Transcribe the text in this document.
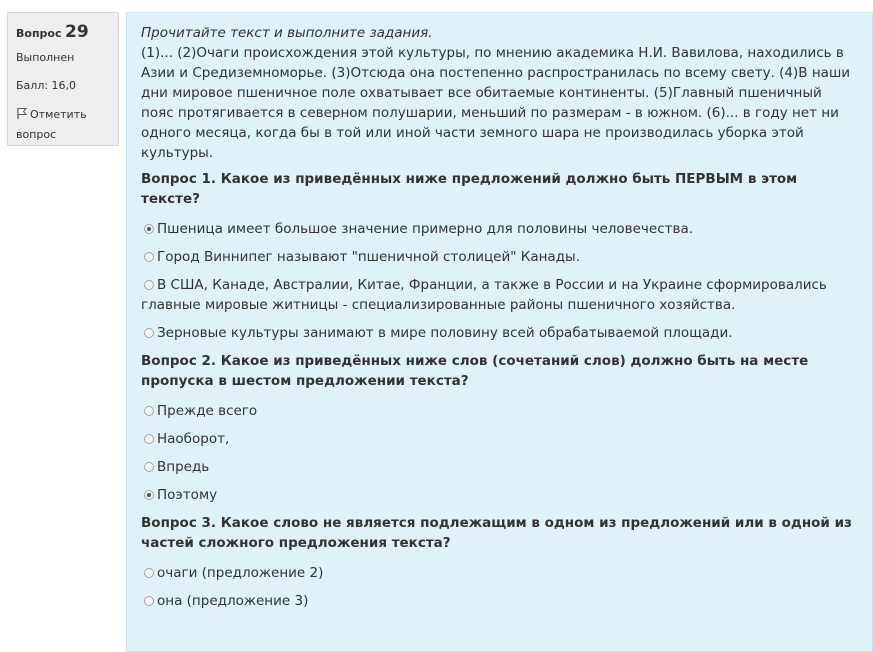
Вопрос 29
Выполнен
Балл: 16,0
Отметить вопрос
Прочитайте текст и выполните задания.
(1)... (2)Очаги происхождения этой культуры, по мнению академика Н.И. Вавилова, находились в Азии и Средиземноморье. (3)Отсюда она постепенно распространилась по всему свету. (4)В наши дни мировое пшеничное поле охватывает все обитаемые континенты. (5)Главный пшеничный пояс протягивается в северном полушарии, меньший по размерам - в южном. (6)... в году нет ни одного месяца, когда бы в той или иной части земного шара не производилась уборка этой культуры.
Вопрос 1. Какое из приведённых ниже предложений должно быть ПЕРВЫМ в этом тексте?
Пшеница имеет большое значение примерно для половины человечества.
Город Виннипег называют "пшеничной столицей" Канады.
В США, Канаде, Австралии, Китае, Франции, а также в России и на Украине сформировались главные мировые житницы - специализированные районы пшеничного хозяйства.
Зерновые культуры занимают в мире половину всей обрабатываемой площади.
Вопрос 2. Какое из приведённых ниже слов (сочетаний слов) должно быть на месте пропуска в шестом предложении текста?
Прежде всего
Наоборот,
Впредь
Поэтому
Вопрос 3. Какое слово не является подлежащим в одном из предложений или в одной из частей сложного предложения текста?
очаги (предложение 2)
она (предложение 3)
